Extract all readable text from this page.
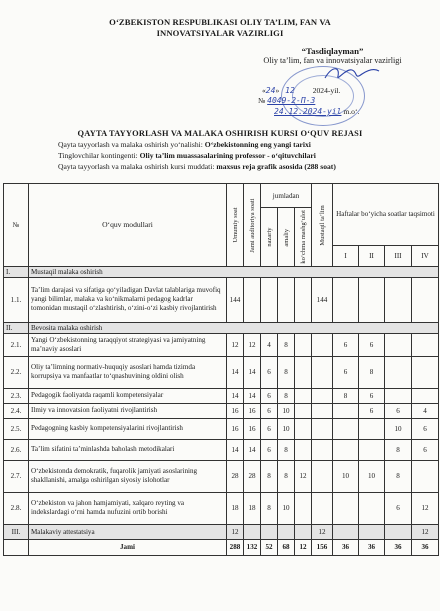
O‘ZBEKISTON RESPUBLIKASI OLIY TA’LIM, FAN VA
INNOVATSIYALAR VAZIRLIGI
“Tasdiqlayman”
Oliy ta’lim, fan va innovatsiyalar vazirligi
«24» 12 2024-yil.
№ 4049-2-П-3
24.12.2024-yil m.o‘.
QAYTA TAYYORLASH VA MALAKA OSHIRISH KURSI O‘QUV REJASI
Qayta tayyorlash va malaka oshirish yo‘nalishi: O‘zbekistonning eng yangi tarixi
Tinglovchilar kontingenti: Oliy ta’lim muassasalarining professor - o‘qituvchilari
Qayta tayyorlash va malaka oshirish kursi muddati: maxsus reja grafik asosida (288 soat)
№	O‘quv modullari	Umumiy soat	Jami auditoriya soati	jumladan			Mustaqil ta’lim	Haftalar bo‘yicha soatlar taqsimoti			
				nazariy	amaliy	ko‘chma mashg‘ulot					
								I	II	III	IV
I.	Mustaqil malaka oshirish										
1.1.	Ta’lim darajasi va sifatiga qo‘yiladigan Davlat talablariga muvofiq yangi bilimlar, malaka va ko‘nikmalarni pedagog kadrlar tomonidan mustaqil o‘zlashtirish, o‘zini-o‘zi kasbiy rivojlantirish	144					144				
II.	Bevosita malaka oshirish										
2.1.	Yangi O‘zbekistonning taraqqiyot strategiyasi va jamiyatning ma’naviy asoslari	12	12	4	8			6	6		
2.2.	Oliy ta’limning normativ-huquqiy asoslari hamda tizimda korrupsiya va manfaatlar to‘qnashuvining oldini olish	14	14	6	8			6	8		
2.3.	Pedagogik faoliyatda raqamli kompetensiyalar	14	14	6	8			8	6		
2.4.	Ilmiy va innovatsion faoliyatni rivojlantirish	16	16	6	10				6	6	4
2.5.	Pedagogning kasbiy kompetensiyalarini rivojlantirish	16	16	6	10					10	6
2.6.	Ta’lim sifatini ta’minlashda baholash metodikalari	14	14	6	8					8	6
2.7.	O‘zbekistonda demokratik, fuqarolik jamiyati asoslarining shakllanishi, amalga oshirilgan siyosiy islohotlar	28	28	8	8	12		10	10	8	
2.8.	O‘zbekiston va jahon hamjamiyati, xalqaro reyting va indekslardagi o‘rni hamda nufuzini ortib borishi	18	18	8	10					6	12
III.	Malakaviy attestatsiya	12					12				12
	Jami	288	132	52	68	12	156	36	36	36	36
